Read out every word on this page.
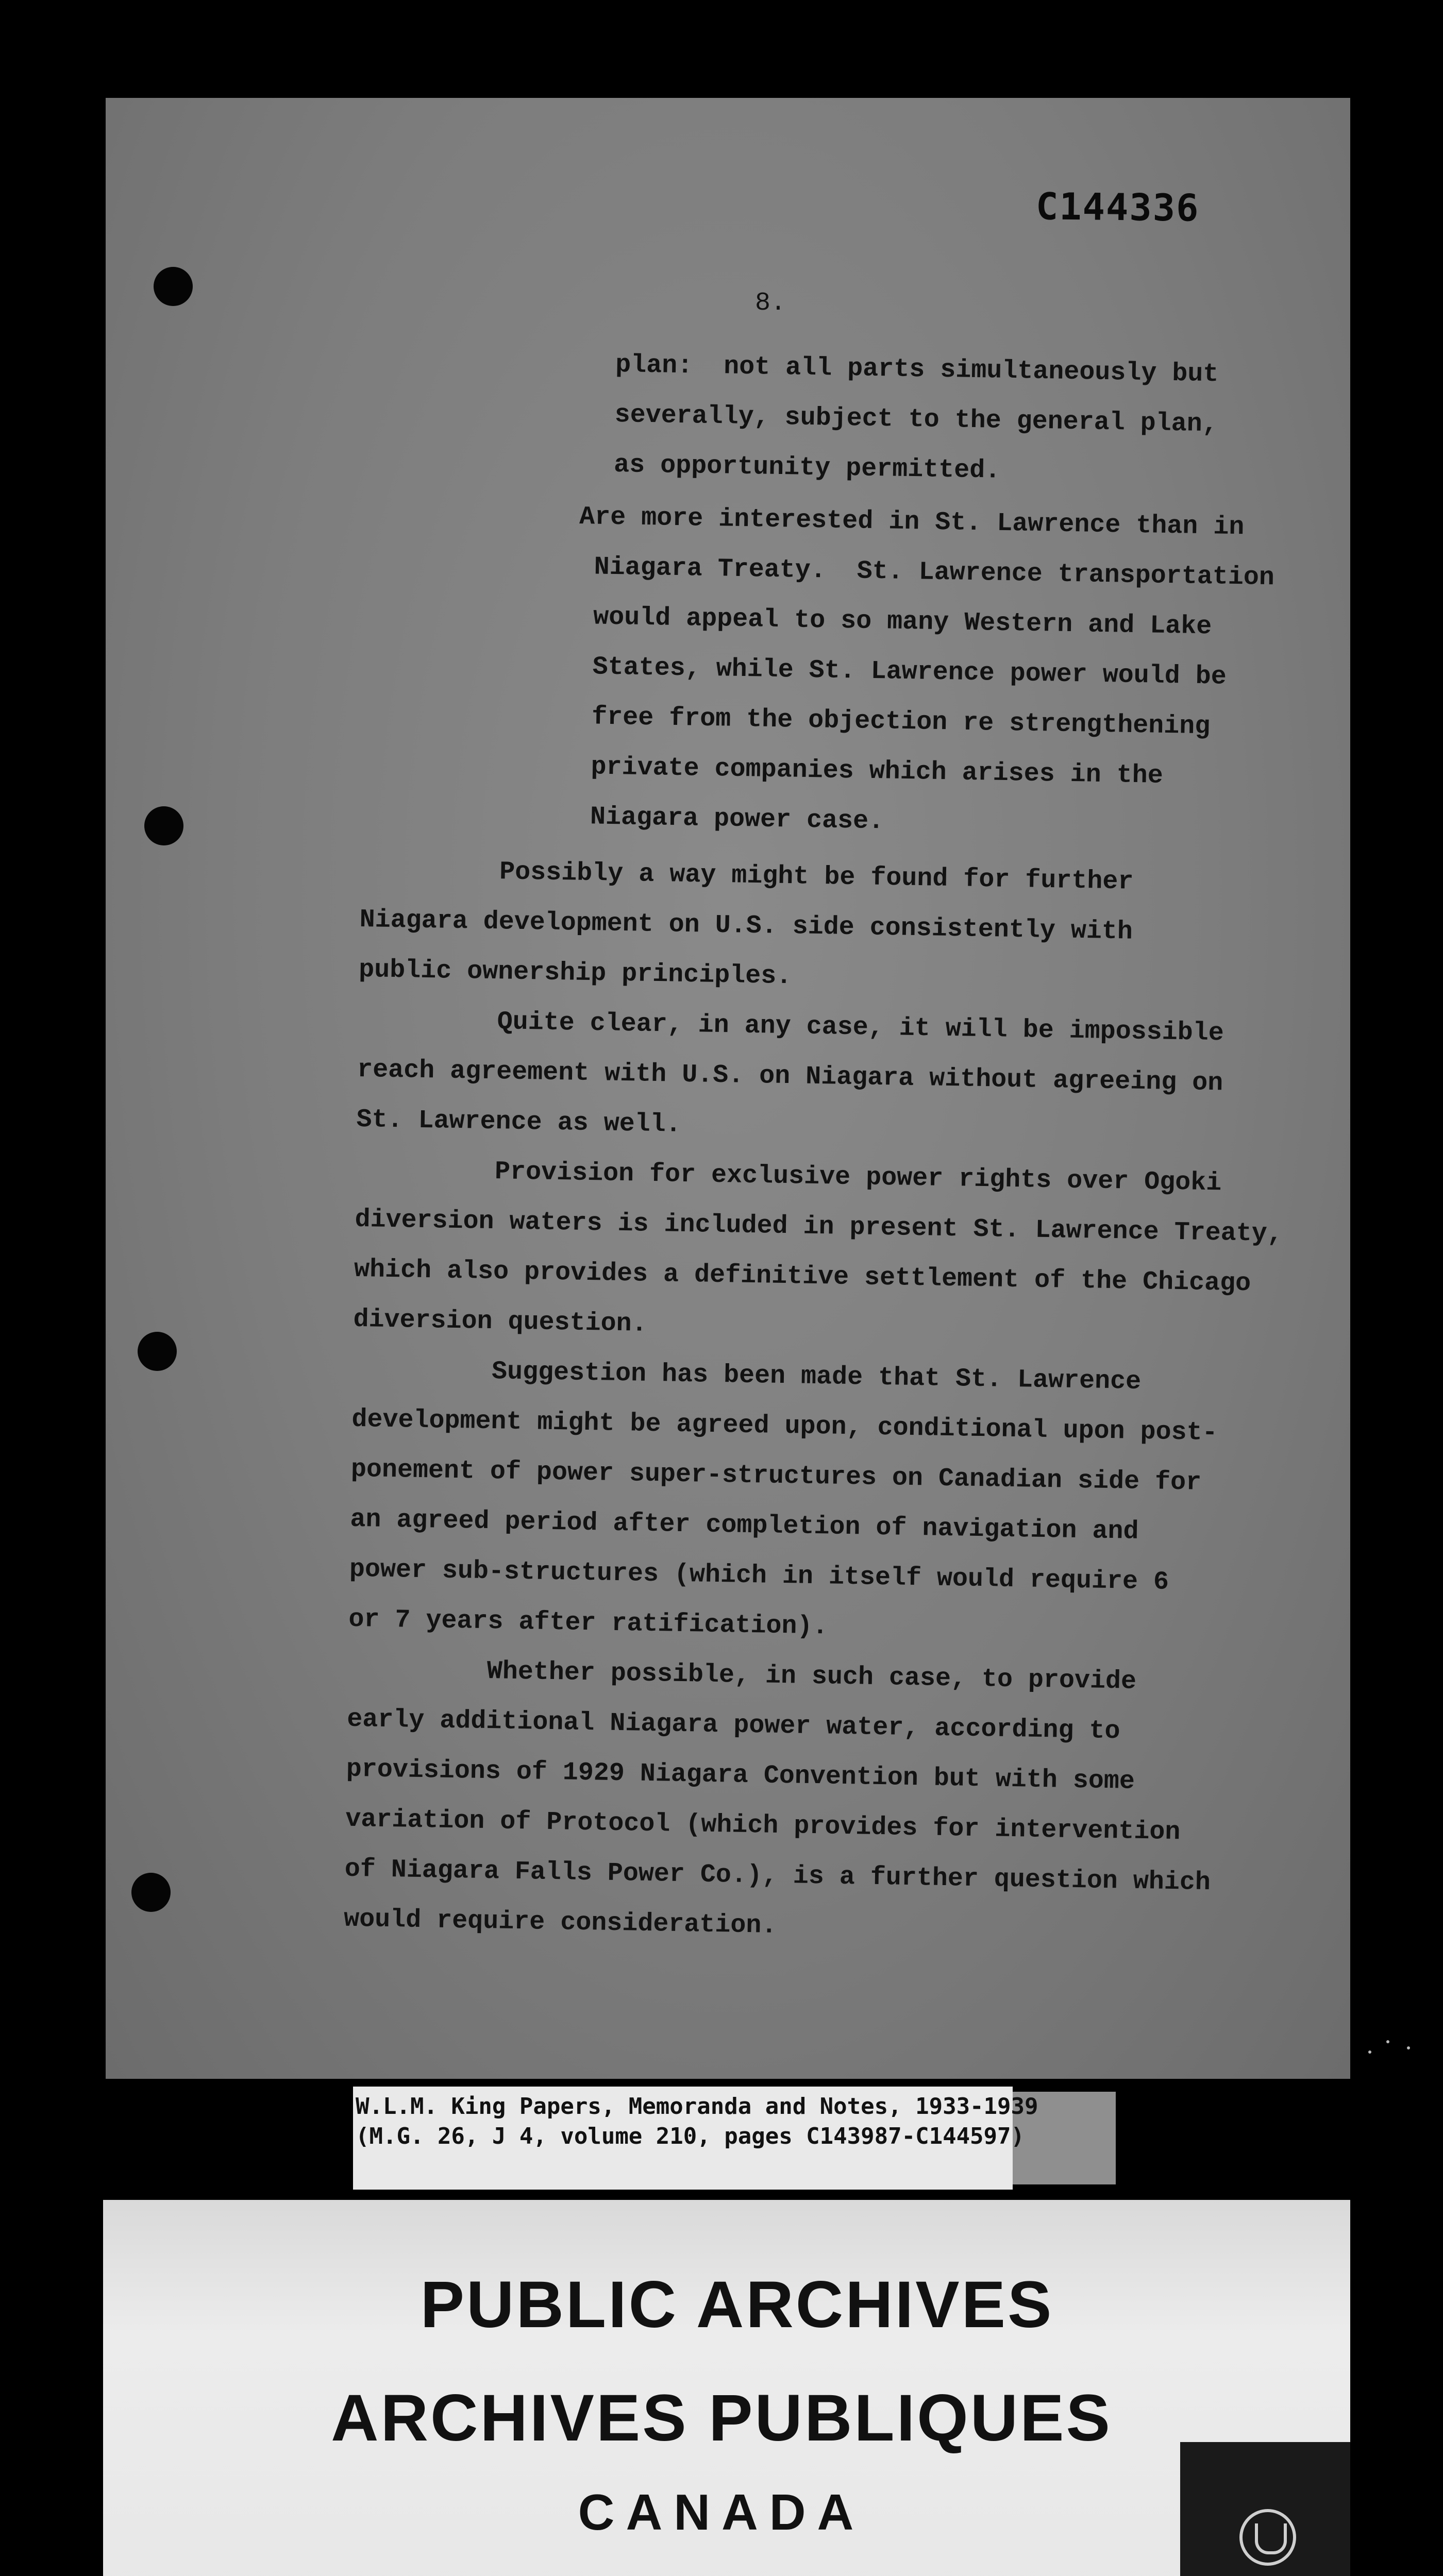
C144336
8.
plan:  not all parts simultaneously but
severally, subject to the general plan,
as opportunity permitted.

Are more interested in St. Lawrence than in
Niagara Treaty.  St. Lawrence transportation
would appeal to so many Western and Lake
States, while St. Lawrence power would be
free from the objection re strengthening
private companies which arises in the
Niagara power case.

Possibly a way might be found for further
Niagara development on U.S. side consistently with
public ownership principles.
Quite clear, in any case, it will be impossible
reach agreement with U.S. on Niagara without agreeing on
St. Lawrence as well.
Provision for exclusive power rights over Ogoki
diversion waters is included in present St. Lawrence Treaty,
which also provides a definitive settlement of the Chicago
diversion question.
Suggestion has been made that St. Lawrence
development might be agreed upon, conditional upon post-
ponement of power super-structures on Canadian side for
an agreed period after completion of navigation and
power sub-structures (which in itself would require 6
or 7 years after ratification).
Whether possible, in such case, to provide
early additional Niagara power water, according to
provisions of 1929 Niagara Convention but with some
variation of Protocol (which provides for intervention
of Niagara Falls Power Co.), is a further question which
would require consideration.

W.L.M. King Papers, Memoranda and Notes, 1933-1939
(M.G. 26, J 4, volume 210, pages C143987-C144597)
PUBLIC ARCHIVES
ARCHIVES PUBLIQUES
CANADA
